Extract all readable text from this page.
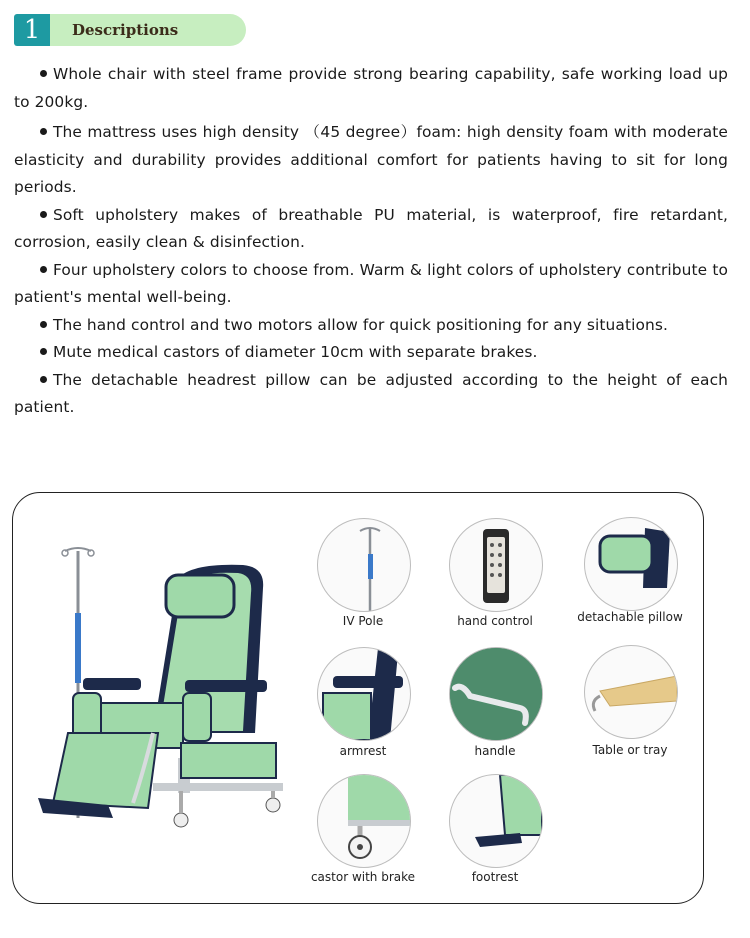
1	Descriptions

Whole chair with steel frame provide strong bearing capability, safe working load up to 200kg.

The mattress uses high density （45 degree）foam: high density foam with moderate elasticity and durability provides additional comfort for patients having to sit for long periods.

Soft upholstery makes of breathable PU material, is waterproof, fire retardant, corrosion, easily clean & disinfection.

Four upholstery colors to choose from. Warm & light colors of upholstery contribute to patient's mental well-being.

The hand control and two motors allow for quick positioning for any situations.

Mute medical castors of diameter 10cm with separate brakes.

The detachable headrest pillow can be adjusted according to the height of each patient.

IV Pole	hand control	detachable pillow
armrest	handle	Table or tray
castor with brake	footrest
